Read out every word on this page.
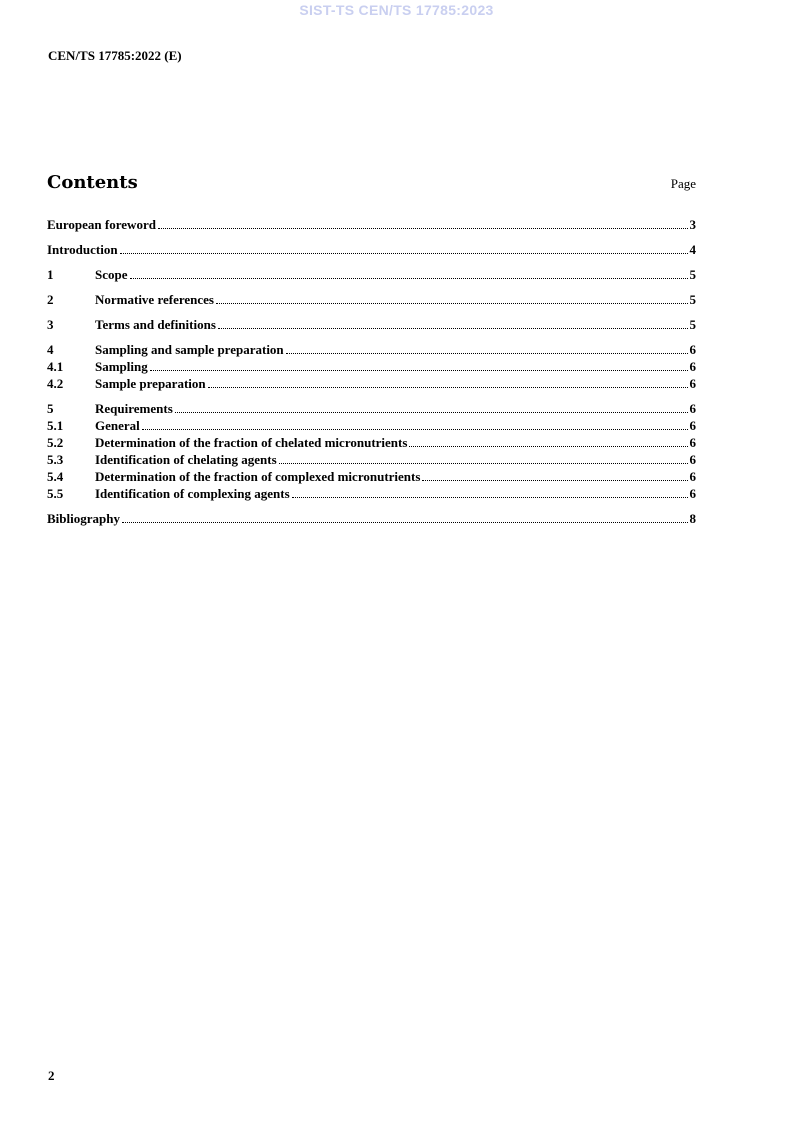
SIST-TS CEN/TS 17785:2023
CEN/TS 17785:2022 (E)
Contents	Page
European foreword	3
Introduction	4
1	Scope	5
2	Normative references	5
3	Terms and definitions	5
4	Sampling and sample preparation	6
4.1	Sampling	6
4.2	Sample preparation	6
5	Requirements	6
5.1	General	6
5.2	Determination of the fraction of chelated micronutrients	6
5.3	Identification of chelating agents	6
5.4	Determination of the fraction of complexed micronutrients	6
5.5	Identification of complexing agents	6
Bibliography	8
2
